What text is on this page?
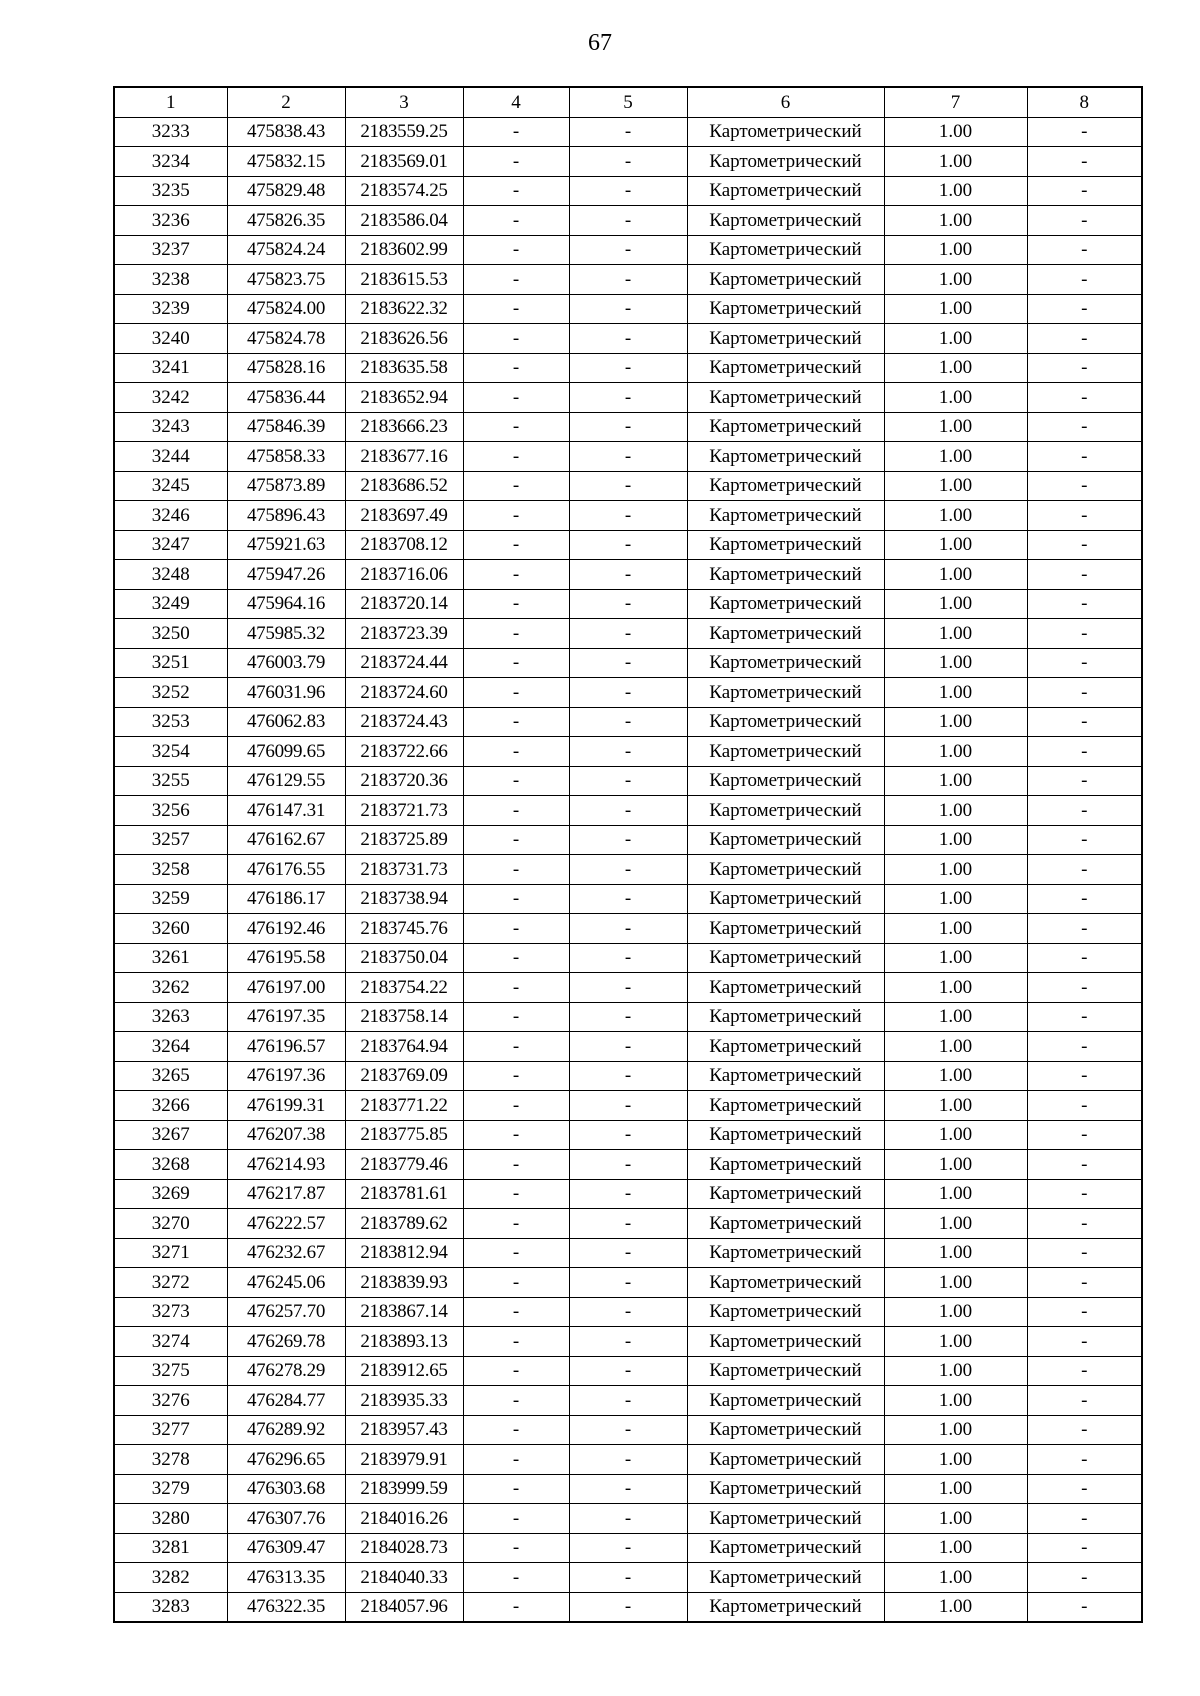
67
1	2	3	4	5	6	7	8
3233	475838.43	2183559.25	-	-	Картометрический	1.00	-
3234	475832.15	2183569.01	-	-	Картометрический	1.00	-
3235	475829.48	2183574.25	-	-	Картометрический	1.00	-
3236	475826.35	2183586.04	-	-	Картометрический	1.00	-
3237	475824.24	2183602.99	-	-	Картометрический	1.00	-
3238	475823.75	2183615.53	-	-	Картометрический	1.00	-
3239	475824.00	2183622.32	-	-	Картометрический	1.00	-
3240	475824.78	2183626.56	-	-	Картометрический	1.00	-
3241	475828.16	2183635.58	-	-	Картометрический	1.00	-
3242	475836.44	2183652.94	-	-	Картометрический	1.00	-
3243	475846.39	2183666.23	-	-	Картометрический	1.00	-
3244	475858.33	2183677.16	-	-	Картометрический	1.00	-
3245	475873.89	2183686.52	-	-	Картометрический	1.00	-
3246	475896.43	2183697.49	-	-	Картометрический	1.00	-
3247	475921.63	2183708.12	-	-	Картометрический	1.00	-
3248	475947.26	2183716.06	-	-	Картометрический	1.00	-
3249	475964.16	2183720.14	-	-	Картометрический	1.00	-
3250	475985.32	2183723.39	-	-	Картометрический	1.00	-
3251	476003.79	2183724.44	-	-	Картометрический	1.00	-
3252	476031.96	2183724.60	-	-	Картометрический	1.00	-
3253	476062.83	2183724.43	-	-	Картометрический	1.00	-
3254	476099.65	2183722.66	-	-	Картометрический	1.00	-
3255	476129.55	2183720.36	-	-	Картометрический	1.00	-
3256	476147.31	2183721.73	-	-	Картометрический	1.00	-
3257	476162.67	2183725.89	-	-	Картометрический	1.00	-
3258	476176.55	2183731.73	-	-	Картометрический	1.00	-
3259	476186.17	2183738.94	-	-	Картометрический	1.00	-
3260	476192.46	2183745.76	-	-	Картометрический	1.00	-
3261	476195.58	2183750.04	-	-	Картометрический	1.00	-
3262	476197.00	2183754.22	-	-	Картометрический	1.00	-
3263	476197.35	2183758.14	-	-	Картометрический	1.00	-
3264	476196.57	2183764.94	-	-	Картометрический	1.00	-
3265	476197.36	2183769.09	-	-	Картометрический	1.00	-
3266	476199.31	2183771.22	-	-	Картометрический	1.00	-
3267	476207.38	2183775.85	-	-	Картометрический	1.00	-
3268	476214.93	2183779.46	-	-	Картометрический	1.00	-
3269	476217.87	2183781.61	-	-	Картометрический	1.00	-
3270	476222.57	2183789.62	-	-	Картометрический	1.00	-
3271	476232.67	2183812.94	-	-	Картометрический	1.00	-
3272	476245.06	2183839.93	-	-	Картометрический	1.00	-
3273	476257.70	2183867.14	-	-	Картометрический	1.00	-
3274	476269.78	2183893.13	-	-	Картометрический	1.00	-
3275	476278.29	2183912.65	-	-	Картометрический	1.00	-
3276	476284.77	2183935.33	-	-	Картометрический	1.00	-
3277	476289.92	2183957.43	-	-	Картометрический	1.00	-
3278	476296.65	2183979.91	-	-	Картометрический	1.00	-
3279	476303.68	2183999.59	-	-	Картометрический	1.00	-
3280	476307.76	2184016.26	-	-	Картометрический	1.00	-
3281	476309.47	2184028.73	-	-	Картометрический	1.00	-
3282	476313.35	2184040.33	-	-	Картометрический	1.00	-
3283	476322.35	2184057.96	-	-	Картометрический	1.00	-
